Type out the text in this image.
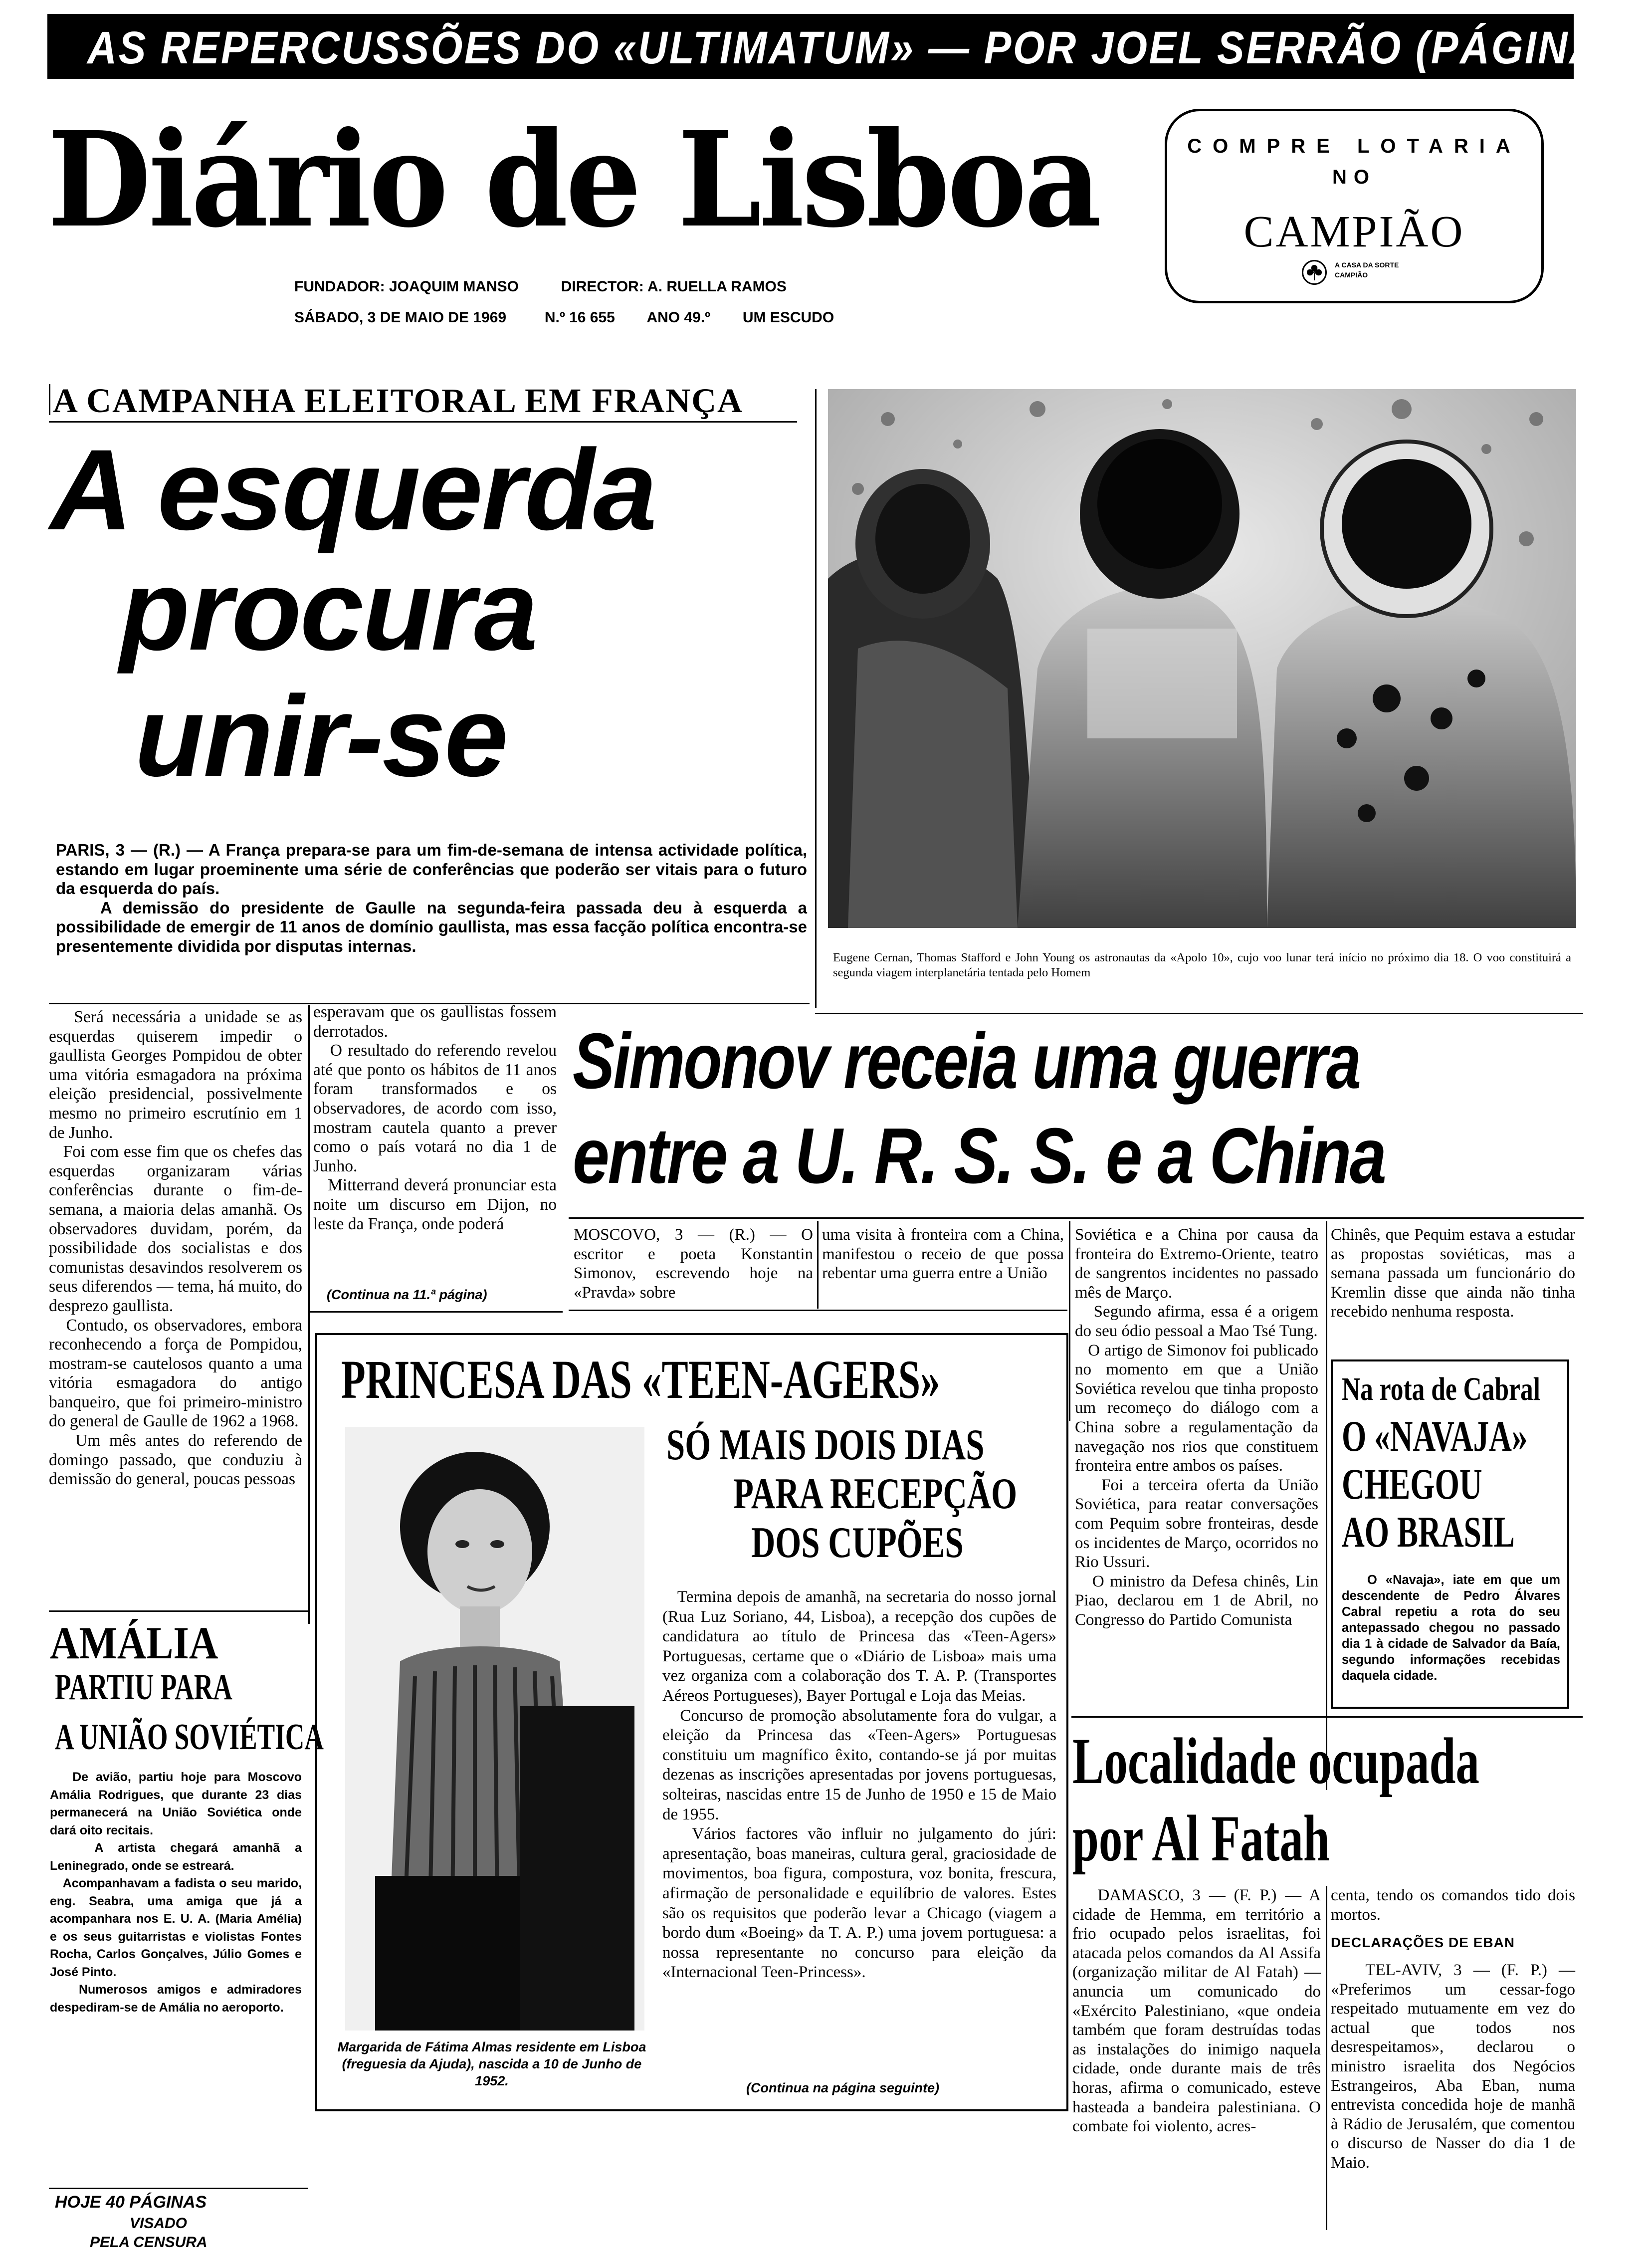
AS REPERCUSSÕES DO «ULTIMATUM» — POR JOEL SERRÃO (PÁGINA 3)
Diário de Lisboa
FUNDADOR: JOAQUIM MANSO	DIRECTOR: A. RUELLA RAMOS
SÁBADO, 3 DE MAIO DE 1969	N.º 16 655 ANO 49.º UM ESCUDO
COMPRE LOTARIA
NO
CAMPIÃO
A CASA DA SORTE
CAMPIÃO
A CAMPANHA ELEITORAL EM FRANÇA
A esquerda
procura
unir-se
PARIS, 3 — (R.) — A França prepara-se para um fim-de-semana de intensa actividade política, estando em lugar proeminente uma série de conferências que poderão ser vitais para o futuro da esquerda do país.
A demissão do presidente de Gaulle na segunda-feira passada deu à esquerda a possibilidade de emergir de 11 anos de domínio gaullista, mas essa facção política encontra-se presentemente dividida por disputas internas.
Será necessária a unidade se as esquerdas quiserem impedir o gaullista Georges Pompidou de obter uma vitória esmagadora na próxima eleição presidencial, possivelmente mesmo no primeiro escrutínio em 1 de Junho.
Foi com esse fim que os chefes das esquerdas organizaram várias conferências durante o fim-de-semana, a maioria delas amanhã. Os observadores duvidam, porém, da possibilidade dos socialistas e dos comunistas desavindos resolverem os seus diferendos — tema, há muito, do desprezo gaullista.
Contudo, os observadores, embora reconhecendo a força de Pompidou, mostram-se cautelosos quanto a uma vitória esmagadora do antigo banqueiro, que foi primeiro-ministro do general de Gaulle de 1962 a 1968.
Um mês antes do referendo de domingo passado, que conduziu à demissão do general, poucas pessoas
esperavam que os gaullistas fossem derrotados.
O resultado do referendo revelou até que ponto os hábitos de 11 anos foram transformados e os observadores, de acordo com isso, mostram cautela quanto a prever como o país votará no dia 1 de Junho.
Mitterrand deverá pronunciar esta noite um discurso em Dijon, no leste da França, onde poderá
(Continua na 11.ª página)
Eugene Cernan, Thomas Stafford e John Young os astronautas da «Apolo 10», cujo voo lunar terá início no próximo dia 18. O voo constituirá a segunda viagem interplanetária tentada pelo Homem
Simonov receia uma guerra
entre a U. R. S. S. e a China
MOSCOVO, 3 — (R.) — O escritor e poeta Konstantin Simonov, escrevendo hoje na «Pravda» sobre
uma visita à fronteira com a China, manifestou o receio de que possa rebentar uma guerra entre a União
Soviética e a China por causa da fronteira do Extremo-Oriente, teatro de sangrentos incidentes no passado mês de Março.
Segundo afirma, essa é a origem do seu ódio pessoal a Mao Tsé Tung.
O artigo de Simonov foi publicado no momento em que a União Soviética revelou que tinha proposto um recomeço do diálogo com a China sobre a regulamentação da navegação nos rios que constituem fronteira entre ambos os países.
Foi a terceira oferta da União Soviética, para reatar conversações com Pequim sobre fronteiras, desde os incidentes de Março, ocorridos no Rio Ussuri.
O ministro da Defesa chinês, Lin Piao, declarou em 1 de Abril, no Congresso do Partido Comunista
Chinês, que Pequim estava a estudar as propostas soviéticas, mas a semana passada um funcionário do Kremlin disse que ainda não tinha recebido nenhuma resposta.
Na rota de Cabral
O «NAVAJA»
CHEGOU
AO BRASIL
O «Navaja», iate em que um descendente de Pedro Álvares Cabral repetiu a rota do seu antepassado chegou no passado dia 1 à cidade de Salvador da Baía, segundo informações recebidas daquela cidade.
Localidade ocupada
por Al Fatah
DAMASCO, 3 — (F. P.) — A cidade de Hemma, em território a frio ocupado pelos israelitas, foi atacada pelos comandos da Al Assifa (organização militar de Al Fatah) — anuncia um comunicado do «Exército Palestiniano, «que ondeia também que foram destruídas todas as instalações do inimigo naquela cidade, onde durante mais de três horas, afirma o comunicado, esteve hasteada a bandeira palestiniana. O combate foi violento, acres-
centa, tendo os comandos tido dois mortos.
DECLARAÇÕES DE EBAN
TEL-AVIV, 3 — (F. P.) — «Preferimos um cessar-fogo respeitado mutuamente em vez do actual que todos nos desrespeitamos», declarou o ministro israelita dos Negócios Estrangeiros, Aba Eban, numa entrevista concedida hoje de manhã à Rádio de Jerusalém, que comentou o discurso de Nasser do dia 1 de Maio.
AMÁLIA
PARTIU PARA
A UNIÃO SOVIÉTICA
De avião, partiu hoje para Moscovo Amália Rodrigues, que durante 23 dias permanecerá na União Soviética onde dará oito recitais.
A artista chegará amanhã a Leninegrado, onde se estreará.
Acompanhavam a fadista o seu marido, eng. Seabra, uma amiga que já a acompanhara nos E. U. A. (Maria Amélia) e os seus guitarristas e violistas Fontes Rocha, Carlos Gonçalves, Júlio Gomes e José Pinto.
Numerosos amigos e admiradores despediram-se de Amália no aeroporto.
HOJE 40 PÁGINAS
VISADO
PELA CENSURA
PRINCESA DAS «TEEN-AGERS»
Margarida de Fátima Almas residente em Lisboa (freguesia da Ajuda), nascida a 10 de Junho de 1952.
SÓ MAIS DOIS DIAS
PARA RECEPÇÃO
DOS CUPÕES
Termina depois de amanhã, na secretaria do nosso jornal (Rua Luz Soriano, 44, Lisboa), a recepção dos cupões de candidatura ao título de Princesa das «Teen-Agers» Portuguesas, certame que o «Diário de Lisboa» mais uma vez organiza com a colaboração dos T. A. P. (Transportes Aéreos Portugueses), Bayer Portugal e Loja das Meias.
Concurso de promoção absolutamente fora do vulgar, a eleição da Princesa das «Teen-Agers» Portuguesas constituiu um magnífico êxito, contando-se já por muitas dezenas as inscrições apresentadas por jovens portuguesas, solteiras, nascidas entre 15 de Junho de 1950 e 15 de Maio de 1955.
Vários factores vão influir no julgamento do júri: apresentação, boas maneiras, cultura geral, graciosidade de movimentos, boa figura, compostura, voz bonita, frescura, afirmação de personalidade e equilíbrio de valores. Estes são os requisitos que poderão levar a Chicago (viagem a bordo dum «Boeing» da T. A. P.) uma jovem portuguesa: a nossa representante no concurso para eleição da «Internacional Teen-Princess».
(Continua na página seguinte)
